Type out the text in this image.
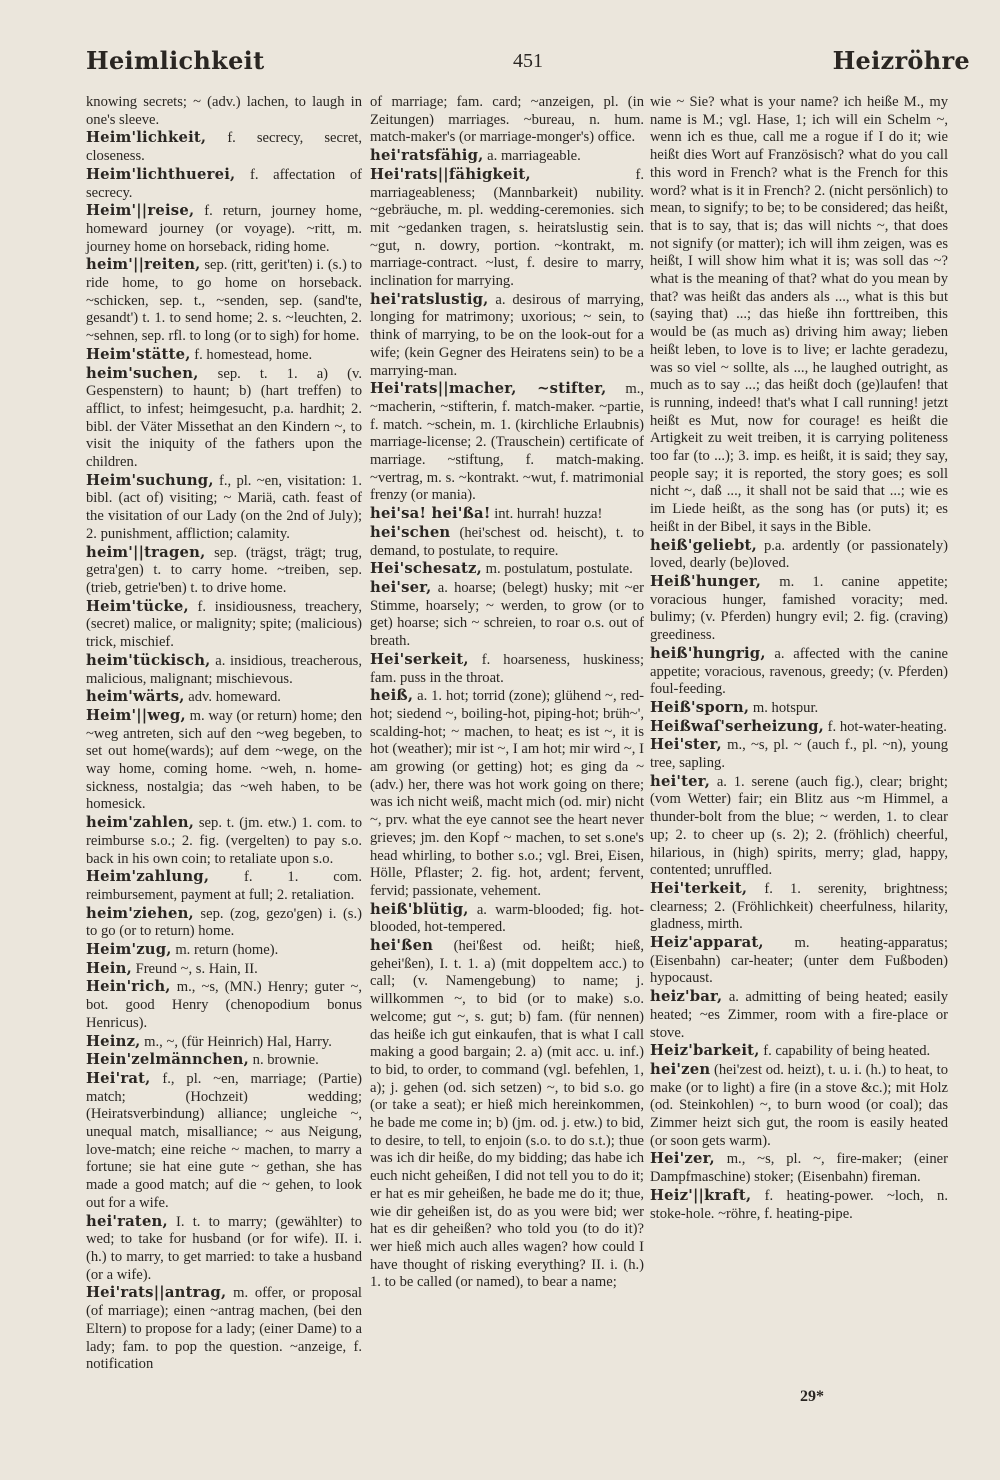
Heimlichkeit	451	Heizröhre

knowing secrets; ~ (adv.) lachen, to laugh in one's sleeve.

Heim'lichkeit, f. secrecy, secret, closeness.

Heim'lichthuerei, f. affectation of secrecy.

Heim'||reise, f. return, journey home, homeward journey (or voyage). ~ritt, m. journey home on horseback, riding home.

heim'||reiten, sep. (ritt, gerit'ten) i. (s.) to ride home, to go home on horseback. ~schicken, sep. t., ~senden, sep. (sand'te, gesandt') t. 1. to send home; 2. s. ~leuchten, 2. ~sehnen, sep. rfl. to long (or to sigh) for home.

Heim'stätte, f. homestead, home.

heim'suchen, sep. t. 1. a) (v. Gespenstern) to haunt; b) (hart treffen) to afflict, to infest; heimgesucht, p.a. hardhit; 2. bibl. der Väter Missethat an den Kindern ~, to visit the iniquity of the fathers upon the children.

Heim'suchung, f., pl. ~en, visitation: 1. bibl. (act of) visiting; ~ Mariä, cath. feast of the visitation of our Lady (on the 2nd of July); 2. punishment, affliction; calamity.

heim'||tragen, sep. (trägst, trägt; trug, getra'gen) t. to carry home. ~treiben, sep. (trieb, getrie'ben) t. to drive home.

Heim'tücke, f. insidiousness, treachery, (secret) malice, or malignity; spite; (malicious) trick, mischief.

heim'tückisch, a. insidious, treacherous, malicious, malignant; mischievous.

heim'wärts, adv. homeward.

Heim'||weg, m. way (or return) home; den ~weg antreten, sich auf den ~weg begeben, to set out home(wards); auf dem ~wege, on the way home, coming home. ~weh, n. home-sickness, nostalgia; das ~weh haben, to be homesick.

heim'zahlen, sep. t. (jm. etw.) 1. com. to reimburse s.o.; 2. fig. (vergelten) to pay s.o. back in his own coin; to retaliate upon s.o.

Heim'zahlung, f. 1. com. reimbursement, payment at full; 2. retaliation.

heim'ziehen, sep. (zog, gezo'gen) i. (s.) to go (or to return) home.

Heim'zug, m. return (home).

Hein, Freund ~, s. Hain, II.

Hein'rich, m., ~s, (MN.) Henry; guter ~, bot. good Henry (chenopodium bonus Henricus).

Heinz, m., ~, (für Heinrich) Hal, Harry.

Hein'zelmännchen, n. brownie.

Hei'rat, f., pl. ~en, marriage; (Partie) match; (Hochzeit) wedding; (Heiratsverbindung) alliance; ungleiche ~, unequal match, misalliance; ~ aus Neigung, love-match; eine reiche ~ machen, to marry a fortune; sie hat eine gute ~ gethan, she has made a good match; auf die ~ gehen, to look out for a wife.

hei'raten, I. t. to marry; (gewählter) to wed; to take for husband (or for wife). II. i. (h.) to marry, to get married: to take a husband (or a wife).

Hei'rats||antrag, m. offer, or proposal (of marriage); einen ~antrag machen, (bei den Eltern) to propose for a lady; (einer Dame) to a lady; fam. to pop the question. ~anzeige, f. notification

of marriage; fam. card; ~anzeigen, pl. (in Zeitungen) marriages. ~bureau, n. hum. match-maker's (or marriage-monger's) office.

hei'ratsfähig, a. marriageable.

Hei'rats||fähigkeit, f. marriageableness; (Mannbarkeit) nubility. ~gebräuche, m. pl. wedding-ceremonies. sich mit ~gedanken tragen, s. heiratslustig sein. ~gut, n. dowry, portion. ~kontrakt, m. marriage-contract. ~lust, f. desire to marry, inclination for marrying.

hei'ratslustig, a. desirous of marrying, longing for matrimony; uxorious; ~ sein, to think of marrying, to be on the look-out for a wife; (kein Gegner des Heiratens sein) to be a marrying-man.

Hei'rats||macher, ~stifter, m., ~macherin, ~stifterin, f. match-maker. ~partie, f. match. ~schein, m. 1. (kirchliche Erlaubnis) marriage-license; 2. (Trauschein) certificate of marriage. ~stiftung, f. match-making. ~vertrag, m. s. ~kontrakt. ~wut, f. matrimonial frenzy (or mania).

hei'sa! hei'ßa! int. hurrah! huzza!

hei'schen (hei'schest od. heischt), t. to demand, to postulate, to require.

Hei'schesatz, m. postulatum, postulate.

hei'ser, a. hoarse; (belegt) husky; mit ~er Stimme, hoarsely; ~ werden, to grow (or to get) hoarse; sich ~ schreien, to roar o.s. out of breath.

Hei'serkeit, f. hoarseness, huskiness; fam. puss in the throat.

heiß, a. 1. hot; torrid (zone); glühend ~, red-hot; siedend ~, boiling-hot, piping-hot; brüh~', scalding-hot; ~ machen, to heat; es ist ~, it is hot (weather); mir ist ~, I am hot; mir wird ~, I am growing (or getting) hot; es ging da ~ (adv.) her, there was hot work going on there; was ich nicht weiß, macht mich (od. mir) nicht ~, prv. what the eye cannot see the heart never grieves; jm. den Kopf ~ machen, to set s.one's head whirling, to bother s.o.; vgl. Brei, Eisen, Hölle, Pflaster; 2. fig. hot, ardent; fervent, fervid; passionate, vehement.

heiß'blütig, a. warm-blooded; fig. hot-blooded, hot-tempered.

hei'ßen (hei'ßest od. heißt; hieß, gehei'ßen), I. t. 1. a) (mit doppeltem acc.) to call; (v. Namengebung) to name; j. willkommen ~, to bid (or to make) s.o. welcome; gut ~, s. gut; b) fam. (für nennen) das heiße ich gut einkaufen, that is what I call making a good bargain; 2. a) (mit acc. u. inf.) to bid, to order, to command (vgl. befehlen, 1, a); j. gehen (od. sich setzen) ~, to bid s.o. go (or take a seat); er hieß mich hereinkommen, he bade me come in; b) (jm. od. j. etw.) to bid, to desire, to tell, to enjoin (s.o. to do s.t.); thue was ich dir heiße, do my bidding; das habe ich euch nicht geheißen, I did not tell you to do it; er hat es mir geheißen, he bade me do it; thue, wie dir geheißen ist, do as you were bid; wer hat es dir geheißen? who told you (to do it)? wer hieß mich auch alles wagen? how could I have thought of risking everything? II. i. (h.) 1. to be called (or named), to bear a name;

wie ~ Sie? what is your name? ich heiße M., my name is M.; vgl. Hase, 1; ich will ein Schelm ~, wenn ich es thue, call me a rogue if I do it; wie heißt dies Wort auf Französisch? what do you call this word in French? what is the French for this word? what is it in French? 2. (nicht persönlich) to mean, to signify; to be; to be considered; das heißt, that is to say, that is; das will nichts ~, that does not signify (or matter); ich will ihm zeigen, was es heißt, I will show him what it is; was soll das ~? what is the meaning of that? what do you mean by that? was heißt das anders als ..., what is this but (saying that) ...; das hieße ihn forttreiben, this would be (as much as) driving him away; lieben heißt leben, to love is to live; er lachte geradezu, was so viel ~ sollte, als ..., he laughed outright, as much as to say ...; das heißt doch (ge)laufen! that is running, indeed! that's what I call running! jetzt heißt es Mut, now for courage! es heißt die Artigkeit zu weit treiben, it is carrying politeness too far (to ...); 3. imp. es heißt, it is said; they say, people say; it is reported, the story goes; es soll nicht ~, daß ..., it shall not be said that ...; wie es im Liede heißt, as the song has (or puts) it; es heißt in der Bibel, it says in the Bible.

heiß'geliebt, p.a. ardently (or passionately) loved, dearly (be)loved.

Heiß'hunger, m. 1. canine appetite; voracious hunger, famished voracity; med. bulimy; (v. Pferden) hungry evil; 2. fig. (craving) greediness.

heiß'hungrig, a. affected with the canine appetite; voracious, ravenous, greedy; (v. Pferden) foul-feeding.

Heiß'sporn, m. hotspur.

Heißwaſ'serheizung, f. hot-water-heating.

Hei'ster, m., ~s, pl. ~ (auch f., pl. ~n), young tree, sapling.

hei'ter, a. 1. serene (auch fig.), clear; bright; (vom Wetter) fair; ein Blitz aus ~m Himmel, a thunder-bolt from the blue; ~ werden, 1. to clear up; 2. to cheer up (s. 2); 2. (fröhlich) cheerful, hilarious, in (high) spirits, merry; glad, happy, contented; unruffled.

Hei'terkeit, f. 1. serenity, brightness; clearness; 2. (Fröhlichkeit) cheerfulness, hilarity, gladness, mirth.

Heiz'apparat, m. heating-apparatus; (Eisenbahn) car-heater; (unter dem Fußboden) hypocaust.

heiz'bar, a. admitting of being heated; easily heated; ~es Zimmer, room with a fire-place or stove.

Heiz'barkeit, f. capability of being heated.

hei'zen (hei'zest od. heizt), t. u. i. (h.) to heat, to make (or to light) a fire (in a stove &c.); mit Holz (od. Steinkohlen) ~, to burn wood (or coal); das Zimmer heizt sich gut, the room is easily heated (or soon gets warm).

Hei'zer, m., ~s, pl. ~, fire-maker; (einer Dampfmaschine) stoker; (Eisenbahn) fireman.

Heiz'||kraft, f. heating-power. ~loch, n. stoke-hole. ~röhre, f. heating-pipe.

29*
